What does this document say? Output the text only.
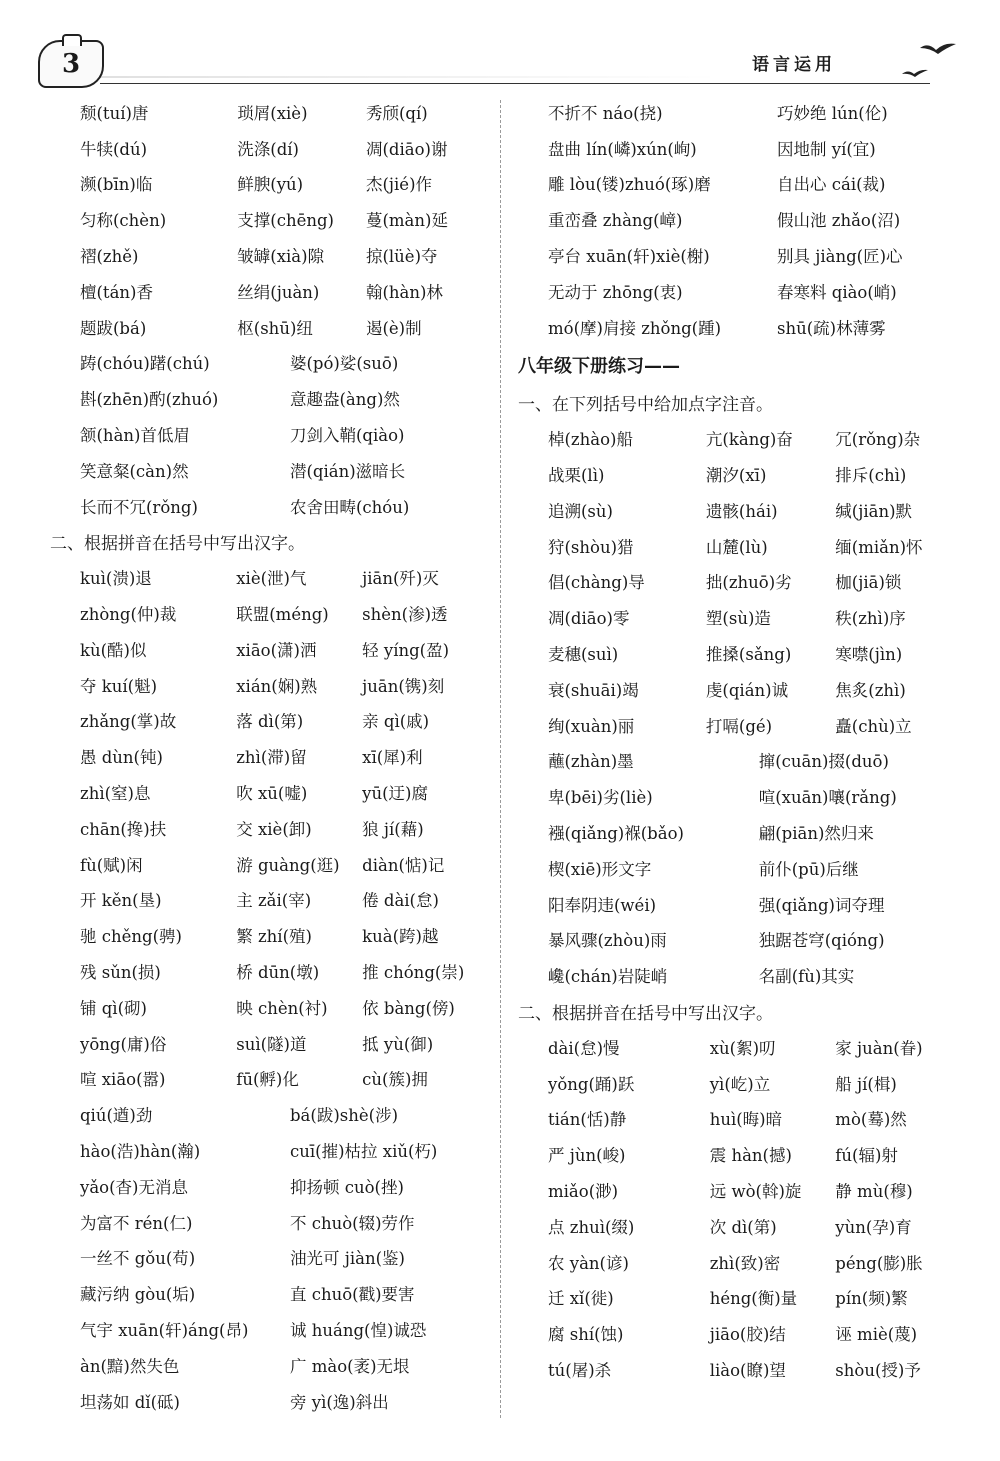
3	语言运用
颓(tuí)唐	琐屑(xiè)	秀颀(qí)
牛犊(dú)	洗涤(dí)	凋(diāo)谢
濒(bīn)临	鲜腴(yú)	杰(jié)作
匀称(chèn)	支撑(chēng)	蔓(màn)延
褶(zhě)	皱罅(xià)隙	掠(lüè)夺
檀(tán)香	丝绢(juàn)	翰(hàn)林
题跋(bá)	枢(shū)纽	遏(è)制
踌(chóu)躇(chú)	婆(pó)娑(suō)
斟(zhēn)酌(zhuó)	意趣盎(àng)然
颔(hàn)首低眉	刀剑入鞘(qiào)
笑意粲(càn)然	潜(qián)滋暗长
长而不冗(rǒng)	农舍田畴(chóu)
二、根据拼音在括号中写出汉字。
kuì(溃)退	xiè(泄)气	jiān(歼)灭
zhòng(仲)裁	联盟(méng)	shèn(渗)透
kù(酷)似	xiāo(潇)洒	轻 yíng(盈)
夺 kuí(魁)	xián(娴)熟	juān(镌)刻
zhǎng(掌)故	落 dì(第)	亲 qì(戚)
愚 dùn(钝)	zhì(滞)留	xī(犀)利
zhì(窒)息	吹 xū(嘘)	yū(迂)腐
chān(搀)扶	交 xiè(卸)	狼 jí(藉)
fù(赋)闲	游 guàng(逛)	diàn(惦)记
开 kěn(垦)	主 zǎi(宰)	倦 dài(怠)
驰 chěng(骋)	繁 zhí(殖)	kuà(跨)越
残 sǔn(损)	桥 dūn(墩)	推 chóng(崇)
铺 qì(砌)	映 chèn(衬)	依 bàng(傍)
yōng(庸)俗	suì(隧)道	抵 yù(御)
喧 xiāo(嚣)	fū(孵)化	cù(簇)拥
qiú(遒)劲	bá(跋)shè(涉)
hào(浩)hàn(瀚)	cuī(摧)枯拉 xiǔ(朽)
yǎo(杳)无消息	抑扬顿 cuò(挫)
为富不 rén(仁)	不 chuò(辍)劳作
一丝不 gǒu(苟)	油光可 jiàn(鉴)
藏污纳 gòu(垢)	直 chuō(戳)要害
气宇 xuān(轩)áng(昂)	诚 huáng(惶)诚恐
àn(黯)然失色	广 mào(袤)无垠
坦荡如 dǐ(砥)	旁 yì(逸)斜出
不折不 náo(挠)	巧妙绝 lún(伦)
盘曲 lín(嶙)xún(峋)	因地制 yí(宜)
雕 lòu(镂)zhuó(琢)磨	自出心 cái(裁)
重峦叠 zhàng(嶂)	假山池 zhǎo(沼)
亭台 xuān(轩)xiè(榭)	别具 jiàng(匠)心
无动于 zhōng(衷)	春寒料 qiào(峭)
mó(摩)肩接 zhǒng(踵)	shū(疏)林薄雾
八年级下册练习——
一、在下列括号中给加点字注音。
棹(zhào)船	亢(kàng)奋	冗(rǒng)杂
战栗(lì)	潮汐(xī)	排斥(chì)
追溯(sù)	遗骸(hái)	缄(jiān)默
狩(shòu)猎	山麓(lù)	缅(miǎn)怀
倡(chàng)导	拙(zhuō)劣	枷(jiā)锁
凋(diāo)零	塑(sù)造	秩(zhì)序
麦穗(suì)	推搡(sǎng)	寒噤(jìn)
衰(shuāi)竭	虔(qián)诚	焦炙(zhì)
绚(xuàn)丽	打嗝(gé)	矗(chù)立
蘸(zhàn)墨	撺(cuān)掇(duō)
卑(bēi)劣(liè)	喧(xuān)嚷(rǎng)
襁(qiǎng)褓(bǎo)	翩(piān)然归来
楔(xiē)形文字	前仆(pū)后继
阳奉阴违(wéi)	强(qiǎng)词夺理
暴风骤(zhòu)雨	独踞苍穹(qióng)
巉(chán)岩陡峭	名副(fù)其实
二、根据拼音在括号中写出汉字。
dài(怠)慢	xù(絮)叨	家 juàn(眷)
yǒng(踊)跃	yì(屹)立	船 jí(楫)
tián(恬)静	huì(晦)暗	mò(蓦)然
严 jùn(峻)	震 hàn(撼)	fú(辐)射
miǎo(渺)	远 wò(斡)旋	静 mù(穆)
点 zhuì(缀)	次 dì(第)	yùn(孕)育
农 yàn(谚)	zhì(致)密	péng(膨)胀
迁 xǐ(徙)	héng(衡)量	pín(频)繁
腐 shí(蚀)	jiāo(胶)结	诬 miè(蔑)
tú(屠)杀	liào(瞭)望	shòu(授)予
